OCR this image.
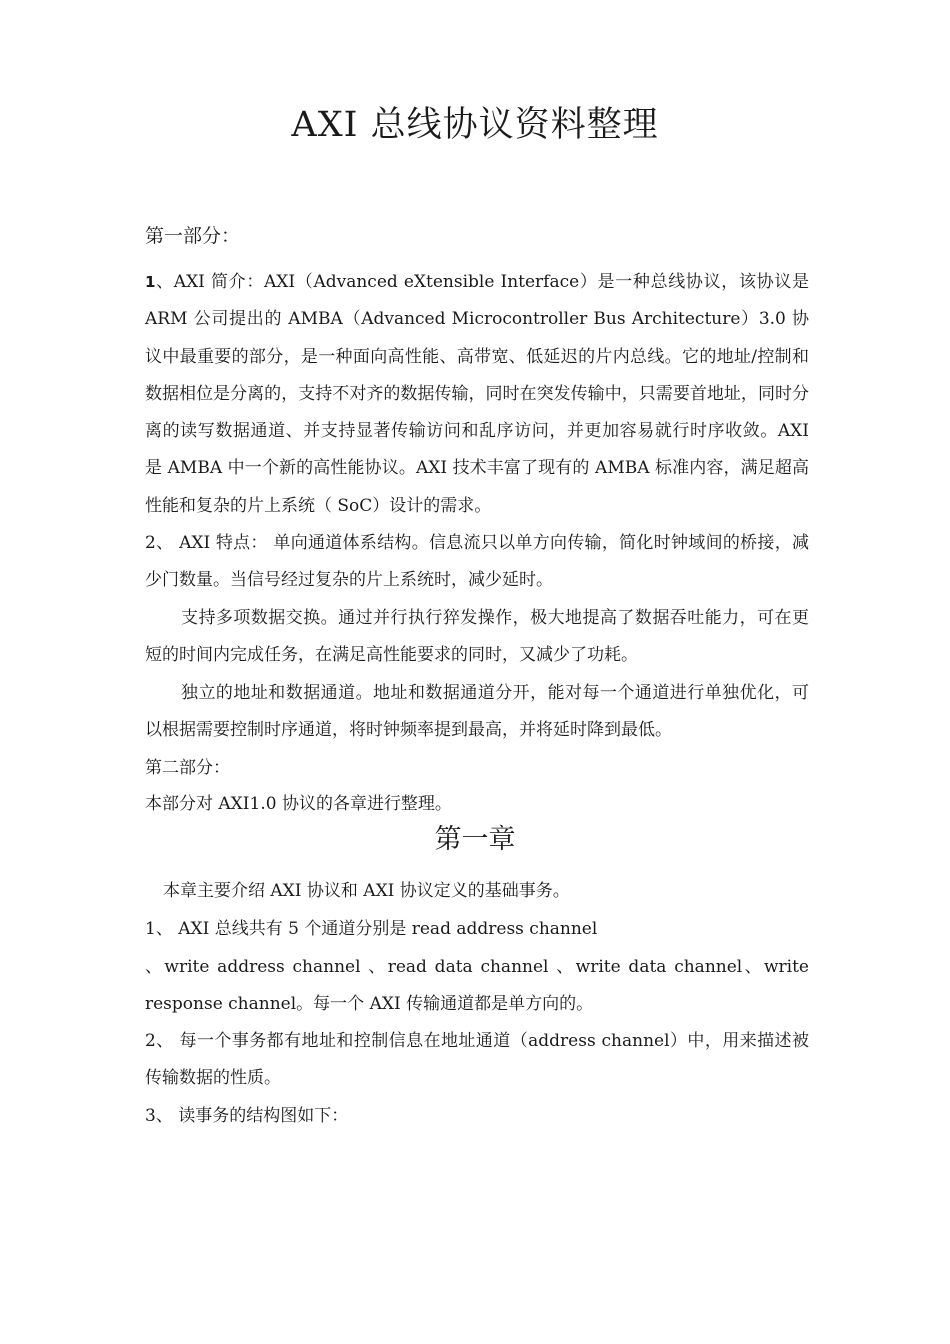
AXI 总线协议资料整理
第一部分：
1、AXI 简介：AXI（Advanced eXtensible Interface）是一种总线协议，该协议是 ARM 公司提出的 AMBA（Advanced Microcontroller Bus Architecture）3.0 协议中最重要的部分，是一种面向高性能、高带宽、低延迟的片内总线。它的地址/控制和数据相位是分离的，支持不对齐的数据传输，同时在突发传输中，只需要首地址，同时分离的读写数据通道、并支持显著传输访问和乱序访问，并更加容易就行时序收敛。AXI 是 AMBA 中一个新的高性能协议。AXI 技术丰富了现有的 AMBA 标准内容，满足超高性能和复杂的片上系统（ SoC）设计的需求。
2、 AXI 特点： 单向通道体系结构。信息流只以单方向传输，简化时钟域间的桥接，减少门数量。当信号经过复杂的片上系统时，减少延时。
支持多项数据交换。通过并行执行猝发操作，极大地提高了数据吞吐能力，可在更短的时间内完成任务，在满足高性能要求的同时，又减少了功耗。
独立的地址和数据通道。地址和数据通道分开，能对每一个通道进行单独优化，可以根据需要控制时序通道，将时钟频率提到最高，并将延时降到最低。
第二部分：
本部分对 AXI1.0 协议的各章进行整理。
第一章
本章主要介绍 AXI 协议和 AXI 协议定义的基础事务。
1、 AXI 总线共有 5 个通道分别是 read address channel
、write address channel 、read data channel 、write data channel、write response channel。每一个 AXI 传输通道都是单方向的。
2、 每一个事务都有地址和控制信息在地址通道（address channel）中，用来描述被传输数据的性质。
3、 读事务的结构图如下：
